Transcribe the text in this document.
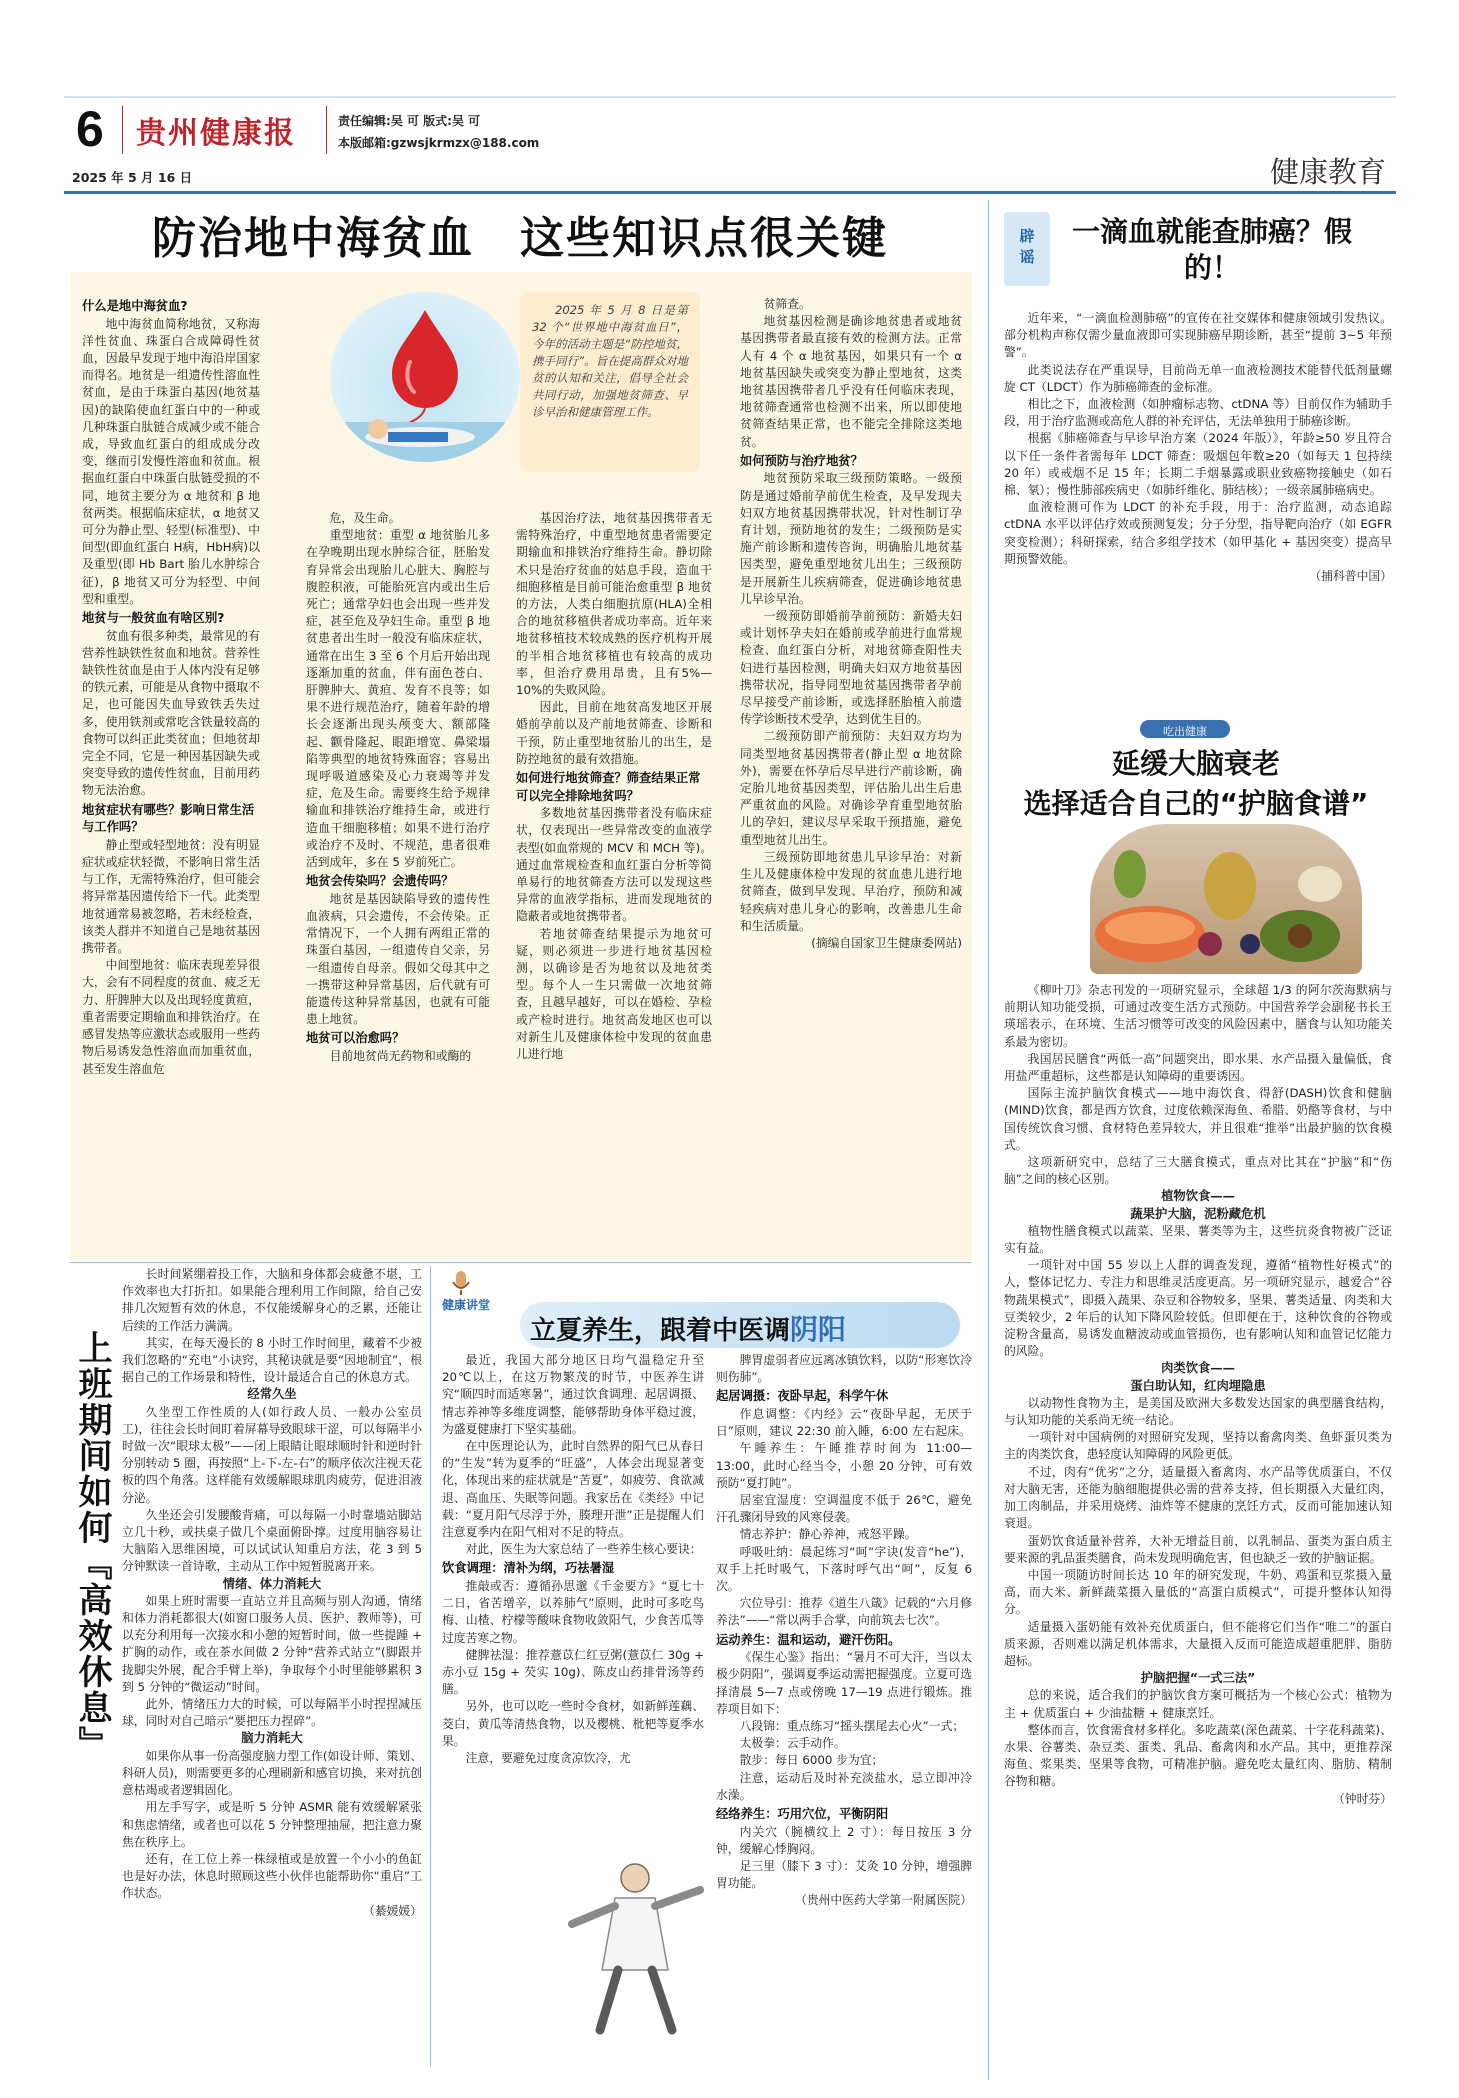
6 贵州健康报	责任编辑:吴 可 版式:吴 可
本版邮箱:gzwsjkrmzx@188.com
2025 年 5 月 16 日	健康教育
防治地中海贫血　这些知识点很关键

2025 年 5 月 8 日是第 32 个“世界地中海贫血日”，今年的活动主题是“防控地贫，携手同行”。旨在提高群众对地贫的认知和关注，倡导全社会共同行动，加强地贫筛查、早诊早治和健康管理工作。

什么是地中海贫血?

地中海贫血简称地贫，又称海洋性贫血、珠蛋白合成障碍性贫血，因最早发现于地中海沿岸国家而得名。地贫是一组遗传性溶血性贫血，是由于珠蛋白基因(地贫基因)的缺陷使血红蛋白中的一种或几种珠蛋白肽链合成减少或不能合成，导致血红蛋白的组成成分改变，继而引发慢性溶血和贫血。根据血红蛋白中珠蛋白肽链受损的不同，地贫主要分为 α 地贫和 β 地贫两类。根据临床症状，α 地贫又可分为静止型、轻型(标准型)、中间型(即血红蛋白 H病，HbH病)以及重型(即 Hb Bart 胎儿水肿综合征)，β 地贫又可分为轻型、中间型和重型。

地贫与一般贫血有啥区别?

贫血有很多种类，最常见的有营养性缺铁性贫血和地贫。营养性缺铁性贫血是由于人体内没有足够的铁元素，可能是从食物中摄取不足，也可能因失血导致铁丢失过多，使用铁剂或常吃含铁量较高的食物可以纠正此类贫血；但地贫却完全不同，它是一种因基因缺失或突变导致的遗传性贫血，目前用药物无法治愈。

地贫症状有哪些？影响日常生活与工作吗？

静止型或轻型地贫：没有明显症状或症状轻微，不影响日常生活与工作，无需特殊治疗，但可能会将异常基因遗传给下一代。此类型地贫通常易被忽略，若未经检查，该类人群并不知道自己是地贫基因携带者。

中间型地贫：临床表现差异很大，会有不同程度的贫血、疲乏无力、肝脾肿大以及出现轻度黄疸，重者需要定期输血和排铁治疗。在感冒发热等应激状态或服用一些药物后易诱发急性溶血而加重贫血，甚至发生溶血危

危，及生命。

重型地贫：重型 α 地贫胎儿多在孕晚期出现水肿综合征，胚胎发育异常会出现胎儿心脏大、胸腔与腹腔积液，可能胎死宫内或出生后死亡；通常孕妇也会出现一些并发症，甚至危及孕妇生命。重型 β 地贫患者出生时一般没有临床症状，通常在出生 3 至 6 个月后开始出现逐渐加重的贫血，伴有面色苍白、肝脾肿大、黄疸、发育不良等；如果不进行规范治疗，随着年龄的增长会逐渐出现头颅变大、额部隆起、颧骨隆起、眼距增宽、鼻梁塌陷等典型的地贫特殊面容；容易出现呼吸道感染及心力衰竭等并发症，危及生命。需要终生给予规律输血和排铁治疗维持生命，或进行造血干细胞移植；如果不进行治疗或治疗不及时、不规范，患者很难活到成年，多在 5 岁前死亡。

地贫会传染吗？会遗传吗？

地贫是基因缺陷导致的遗传性血液病，只会遗传，不会传染。正常情况下，一个人拥有两组正常的珠蛋白基因，一组遗传自父亲，另一组遗传自母亲。假如父母其中之一携带这种异常基因，后代就有可能遗传这种异常基因，也就有可能患上地贫。

地贫可以治愈吗？

目前地贫尚无药物和或酶的

基因治疗法，地贫基因携带者无需特殊治疗，中重型地贫患者需要定期输血和排铁治疗维持生命。静切除术只是治疗贫血的姑息手段，造血干细胞移植是目前可能治愈重型 β 地贫的方法，人类白细胞抗原(HLA)全相合的地贫移植供者成功率高。近年来地贫移植技术较成熟的医疗机构开展的半相合地贫移植也有较高的成功率，但治疗费用昂贵，且有5%—10%的失败风险。

因此，目前在地贫高发地区开展婚前孕前以及产前地贫筛查、诊断和干预，防止重型地贫胎儿的出生，是防控地贫的最有效措施。

如何进行地贫筛查？筛查结果正常可以完全排除地贫吗？

多数地贫基因携带者没有临床症状，仅表现出一些异常改变的血液学表型(如血常规的 MCV 和 MCH 等)。通过血常规检查和血红蛋白分析等简单易行的地贫筛查方法可以发现这些异常的血液学指标，进而发现地贫的隐蔽者或地贫携带者。

若地贫筛查结果提示为地贫可疑，则必须进一步进行地贫基因检测，以确诊是否为地贫以及地贫类型。每个人一生只需做一次地贫筛查，且越早越好，可以在婚检、孕检或产检时进行。地贫高发地区也可以对新生儿及健康体检中发现的贫血患儿进行地

贫筛查。

地贫基因检测是确诊地贫患者或地贫基因携带者最直接有效的检测方法。正常人有 4 个 α 地贫基因，如果只有一个 α 地贫基因缺失或突变为静止型地贫，这类地贫基因携带者几乎没有任何临床表现，地贫筛查通常也检测不出来，所以即使地贫筛查结果正常，也不能完全排除这类地贫。

如何预防与治疗地贫？

地贫预防采取三级预防策略。一级预防是通过婚前孕前优生检查，及早发现夫妇双方地贫基因携带状况，针对性制订孕育计划，预防地贫的发生；二级预防是实施产前诊断和遗传咨询，明确胎儿地贫基因类型，避免重型地贫儿出生；三级预防是开展新生儿疾病筛查，促进确诊地贫患儿早诊早治。

一级预防即婚前孕前预防：新婚夫妇或计划怀孕夫妇在婚前或孕前进行血常规检查、血红蛋白分析，对地贫筛查阳性夫妇进行基因检测，明确夫妇双方地贫基因携带状况，指导同型地贫基因携带者孕前尽早接受产前诊断，或选择胚胎植入前遗传学诊断技术受孕，达到优生目的。

二级预防即产前预防：夫妇双方均为同类型地贫基因携带者(静止型 α 地贫除外)，需要在怀孕后尽早进行产前诊断，确定胎儿地贫基因类型，评估胎儿出生后患严重贫血的风险。对确诊孕育重型地贫胎儿的孕妇，建议尽早采取干预措施，避免重型地贫儿出生。

三级预防即地贫患儿早诊早治：对新生儿及健康体检中发现的贫血患儿进行地贫筛查，做到早发现、早治疗，预防和减轻疾病对患儿身心的影响，改善患儿生命和生活质量。

(摘编自国家卫生健康委网站)

辟谣	一滴血就能查肺癌？假的！

近年来，“一滴血检测肺癌”的宣传在社交媒体和健康领域引发热议。部分机构声称仅需少量血液即可实现肺癌早期诊断，甚至“提前 3~5 年预警”。

此类说法存在严重误导，目前尚无单一血液检测技术能替代低剂量螺旋 CT（LDCT）作为肺癌筛查的金标准。

相比之下，血液检测（如肿瘤标志物、ctDNA 等）目前仅作为辅助手段，用于治疗监测或高危人群的补充评估，无法单独用于肺癌诊断。

根据《肺癌筛查与早诊早治方案（2024 年版）》，年龄≥50 岁且符合以下任一条件者需每年 LDCT 筛查：吸烟包年数≥20（如每天 1 包持续 20 年）或戒烟不足 15 年；长期二手烟暴露或职业致癌物接触史（如石棉、氡）；慢性肺部疾病史（如肺纤维化、肺结核）；一级亲属肺癌病史。

血液检测可作为 LDCT 的补充手段，用于：治疗监测，动态追踪 ctDNA 水平以评估疗效或预测复发；分子分型，指导靶向治疗（如 EGFR 突变检测）；科研探索，结合多组学技术（如甲基化 + 基因突变）提高早期预警效能。

（捕科普中国）

吃出健康
延缓大脑衰老
选择适合自己的“护脑食谱”

《柳叶刀》杂志刊发的一项研究显示，全球超 1/3 的阿尔茨海默病与前期认知功能受损，可通过改变生活方式预防。中国营养学会副秘书长王瑛瑶表示，在环境、生活习惯等可改变的风险因素中，膳食与认知功能关系最为密切。

我国居民膳食“两低一高”问题突出，即水果、水产品摄入量偏低，食用盐严重超标，这些都是认知障碍的重要诱因。

国际主流护脑饮食模式——地中海饮食、得舒(DASH)饮食和健脑(MIND)饮食，都是西方饮食，过度依赖深海鱼、希腊、奶酪等食材，与中国传统饮食习惯、食材特色差异较大，并且很难“推举”出最护脑的饮食模式。

这项新研究中，总结了三大膳食模式，重点对比其在“护脑”和“伤脑”之间的核心区别。

植物饮食——

蔬果护大脑，泥粉藏危机

植物性膳食模式以蔬菜、坚果、薯类等为主，这些抗炎食物被广泛证实有益。

一项针对中国 55 岁以上人群的调查发现，遵循“植物性好模式”的人，整体记忆力、专注力和思维灵活度更高。另一项研究显示，越爱合“谷物蔬果模式”，即摄入蔬果、杂豆和谷物较多，坚果、薯类适量、肉类和大豆类较少，2 年后的认知下降风险较低。但即便在于，这种饮食的谷物或淀粉含量高，易诱发血糖波动或血管损伤，也有影响认知和血管记忆能力的风险。

肉类饮食——

蛋白助认知，红肉埋隐患

以动物性食物为主，是美国及欧洲大多数发达国家的典型膳食结构，与认知功能的关系尚无统一结论。

一项针对中国病例的对照研究发现，坚持以畜禽肉类、鱼虾蛋贝类为主的肉类饮食，患轻度认知障碍的风险更低。

不过，肉有“优劣”之分，适量摄入畜禽肉、水产品等优质蛋白，不仅对大脑无害，还能为脑细胞提供必需的营养支持，但长期摄入大量红肉，加工肉制品，并采用烧烤、油炸等不健康的烹饪方式，反而可能加速认知衰退。

蛋奶饮食适量补营养，大补无增益目前，以乳制品、蛋类为蛋白质主要来源的乳品蛋类膳食，尚未发现明确危害，但也缺乏一致的护脑证据。

中国一项随访时间长达 10 年的研究发现，牛奶、鸡蛋和豆浆摄入量高，而大米、新鲜蔬菜摄入量低的“高蛋白质模式”，可提升整体认知得分。

适量摄入蛋奶能有效补充优质蛋白，但不能将它们当作“唯二”的蛋白质来源，否则难以满足机体需求，大量摄入反而可能造成超重肥胖、脂肪超标。

护脑把握“一式三法”

总的来说，适合我们的护脑饮食方案可概括为一个核心公式：植物为主 + 优质蛋白 + 少油盐糖 + 健康烹饪。

整体而言，饮食需食材多样化。多吃蔬菜(深色蔬菜、十字花科蔬菜)、水果、谷薯类、杂豆类、蛋类、乳品、畜禽肉和水产品。其中，更推荐深海鱼、浆果类、坚果等食物，可精准护脑。避免吃太量红肉、脂肪、精制谷物和糖。

（钟时芬）

上班期间如何『高效休息』

长时间紧绷着投工作，大脑和身体都会疲惫不堪，工作效率也大打折扣。如果能合理利用工作间隙，给自己安排几次短暂有效的休息，不仅能缓解身心的乏累，还能让后续的工作活力满满。

其实，在每天漫长的 8 小时工作时间里，藏着不少被我们忽略的“充电”小诀窍，其秘诀就是要“因地制宜”，根据自己的工作场景和特性，设计最适合自己的休息方式。

经常久坐

久坐型工作性质的人(如行政人员、一般办公室员工)，往往会长时间盯着屏幕导致眼球干涩，可以每隔半小时做一次“眼球太极”——闭上眼睛让眼球顺时针和逆时针分别转动 5 圈，再按照“上-下-左-右”的顺序依次注视天花板的四个角落。这样能有效缓解眼球肌肉疲劳，促进泪液分泌。

久坐还会引发腰酸背痛，可以每隔一小时靠墙站脚站立几十秒，或扶桌子做几个桌面俯卧撑。过度用脑容易让大脑陷入思维困境，可以试试认知重启方法，花 3 到 5 分钟默读一首诗歌，主动从工作中短暂脱离开来。

情绪、体力消耗大

如果上班时需要一直站立并且高频与别人沟通，情绪和体力消耗都很大(如窗口服务人员、医护、教师等)，可以充分利用每一次接水和小憩的短暂时间，做一些提踵 + 扩胸的动作，或在茶水间做 2 分钟“营养式站立”(脚跟并拢脚尖外展，配合手臂上举)，争取每个小时里能够累积 3 到 5 分钟的“微运动”时间。

此外，情绪压力大的时候，可以每隔半小时捏捏减压球，同时对自己暗示“要把压力捏碎”。

脑力消耗大

如果你从事一份高强度脑力型工作(如设计师、策划、科研人员)，则需要更多的心理刷新和感官切换，来对抗创意枯竭或者逻辑固化。

用左手写字，或是听 5 分钟 ASMR 能有效缓解紧张和焦虑情绪，或者也可以花 5 分钟整理抽屉，把注意力聚焦在秩序上。

还有，在工位上养一株绿植或是放置一个小小的鱼缸也是好办法，休息时照顾这些小伙伴也能帮助你“重启”工作状态。

（綦媛媛）

健康讲堂
立夏养生，跟着中医调阴阳

最近，我国大部分地区日均气温稳定升至 20℃以上，在这万物繁茂的时节，中医养生讲究“顺四时而适寒暑”，通过饮食调理、起居调摄、情志养神等多维度调整，能够帮助身体平稳过渡，为盛夏健康打下坚实基础。

在中医理论认为，此时自然界的阳气已从春日的“生发”转为夏季的“旺盛”，人体会出现显著变化，体现出来的症状就是“苦夏”，如疲劳、食欲减退、高血压、失眠等问题。我家岳在《类经》中记载：“夏月阳气尽浮于外，腠理开泄”正是提醒人们注意夏季内在阳气相对不足的特点。

对此，医生为大家总结了一些养生核心要诀：

饮食调理：清补为纲，巧祛暑湿

推敲或否：遵循孙思邈《千金要方》“夏七十二日，省苦增辛，以养肺气”原则，此时可多吃鸟梅、山楂、柠檬等酸味食物收敛阳气，少食苦瓜等过度苦寒之物。

健脾祛湿：推荐薏苡仁红豆粥(薏苡仁 30g + 赤小豆 15g + 芡实 10g)、陈皮山药排骨汤等药膳。

另外，也可以吃一些时令食材，如新鲜莲藕、茭白，黄瓜等清热食物，以及樱桃、枇杷等夏季水果。

注意，要避免过度贪凉饮冷，尤

脾胃虚弱者应远离冰镇饮料，以防“形寒饮冷则伤肺”。

起居调摄：夜卧早起，科学午休

作息调整：《内经》云“夜卧早起，无厌于日”原则，建议 22:30 前入睡，6:00 左右起床。

午睡养生：午睡推荐时间为 11:00—13:00，此时心经当令，小憩 20 分钟，可有效预防“夏打盹”。

居室宜湿度：空调温度不低于 26℃，避免汗孔骤闭导致的风寒侵袭。

情志养护：静心养神，戒怒平躁。

呼吸吐纳：晨起练习“呵”字诀(发音“he”)，双手上托时吸气，下落时呼气出“呵”，反复 6 次。

穴位导引：推荐《道生八箴》记载的“六月修养法”——“常以两手合掌，向前筑去七次”。

运动养生：温和运动，避汗伤阳。

《保生心鉴》指出：“暑月不可大汗，当以太极少阴阳”，强调夏季运动需把握强度。立夏可选择清晨 5—7 点或傍晚 17—19 点进行锻炼。推荐项目如下：

八段锦：重点练习“摇头摆尾去心火”一式；

太极拳：云手动作。

散步：每日 6000 步为宜；

注意，运动后及时补充淡盐水，忌立即冲冷水澡。

经络养生：巧用穴位，平衡阴阳

内关穴（腕横纹上 2 寸）：每日按压 3 分钟，缓解心悸胸闷。

足三里（膝下 3 寸）：艾灸 10 分钟，增强脾胃功能。

（贵州中医药大学第一附属医院）
